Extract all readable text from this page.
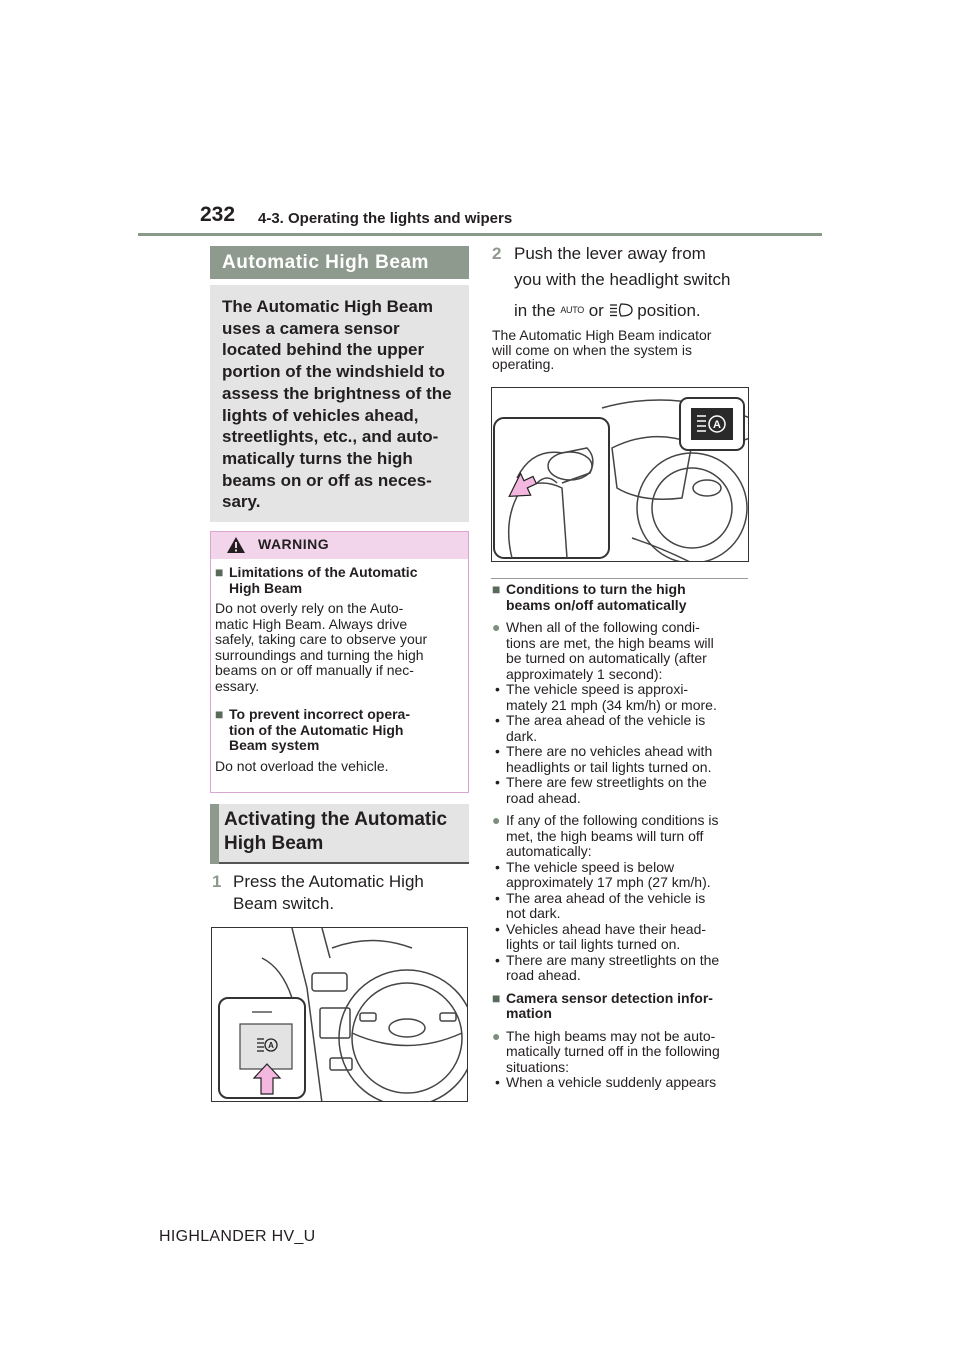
232 4-3. Operating the lights and wipers
Automatic High Beam
The Automatic High Beam
uses a camera sensor
located behind the upper
portion of the windshield to
assess the brightness of the
lights of vehicles ahead,
streetlights, etc., and auto-
matically turns the high
beams on or off as neces-
sary.
WARNING
■ Limitations of the Automatic
High Beam
Do not overly rely on the Auto-
matic High Beam. Always drive
safely, taking care to observe your
surroundings and turning the high
beams on or off manually if nec-
essary.
■ To prevent incorrect opera-
tion of the Automatic High
Beam system
Do not overload the vehicle.
Activating the Automatic
High Beam
1 Press the Automatic High
Beam switch.
A
2 Push the lever away from
you with the headlight switch
in the AUTO or position.
The Automatic High Beam indicator
will come on when the system is
operating.
A
■ Conditions to turn the high
beams on/off automatically
● When all of the following condi-
tions are met, the high beams will
be turned on automatically (after
approximately 1 second):
• The vehicle speed is approxi-
mately 21 mph (34 km/h) or more.
• The area ahead of the vehicle is
dark.
• There are no vehicles ahead with
headlights or tail lights turned on.
• There are few streetlights on the
road ahead.
● If any of the following conditions is
met, the high beams will turn off
automatically:
• The vehicle speed is below
approximately 17 mph (27 km/h).
• The area ahead of the vehicle is
not dark.
• Vehicles ahead have their head-
lights or tail lights turned on.
• There are many streetlights on the
road ahead.
■ Camera sensor detection infor-
mation
● The high beams may not be auto-
matically turned off in the following
situations:
• When a vehicle suddenly appears
HIGHLANDER HV_U
